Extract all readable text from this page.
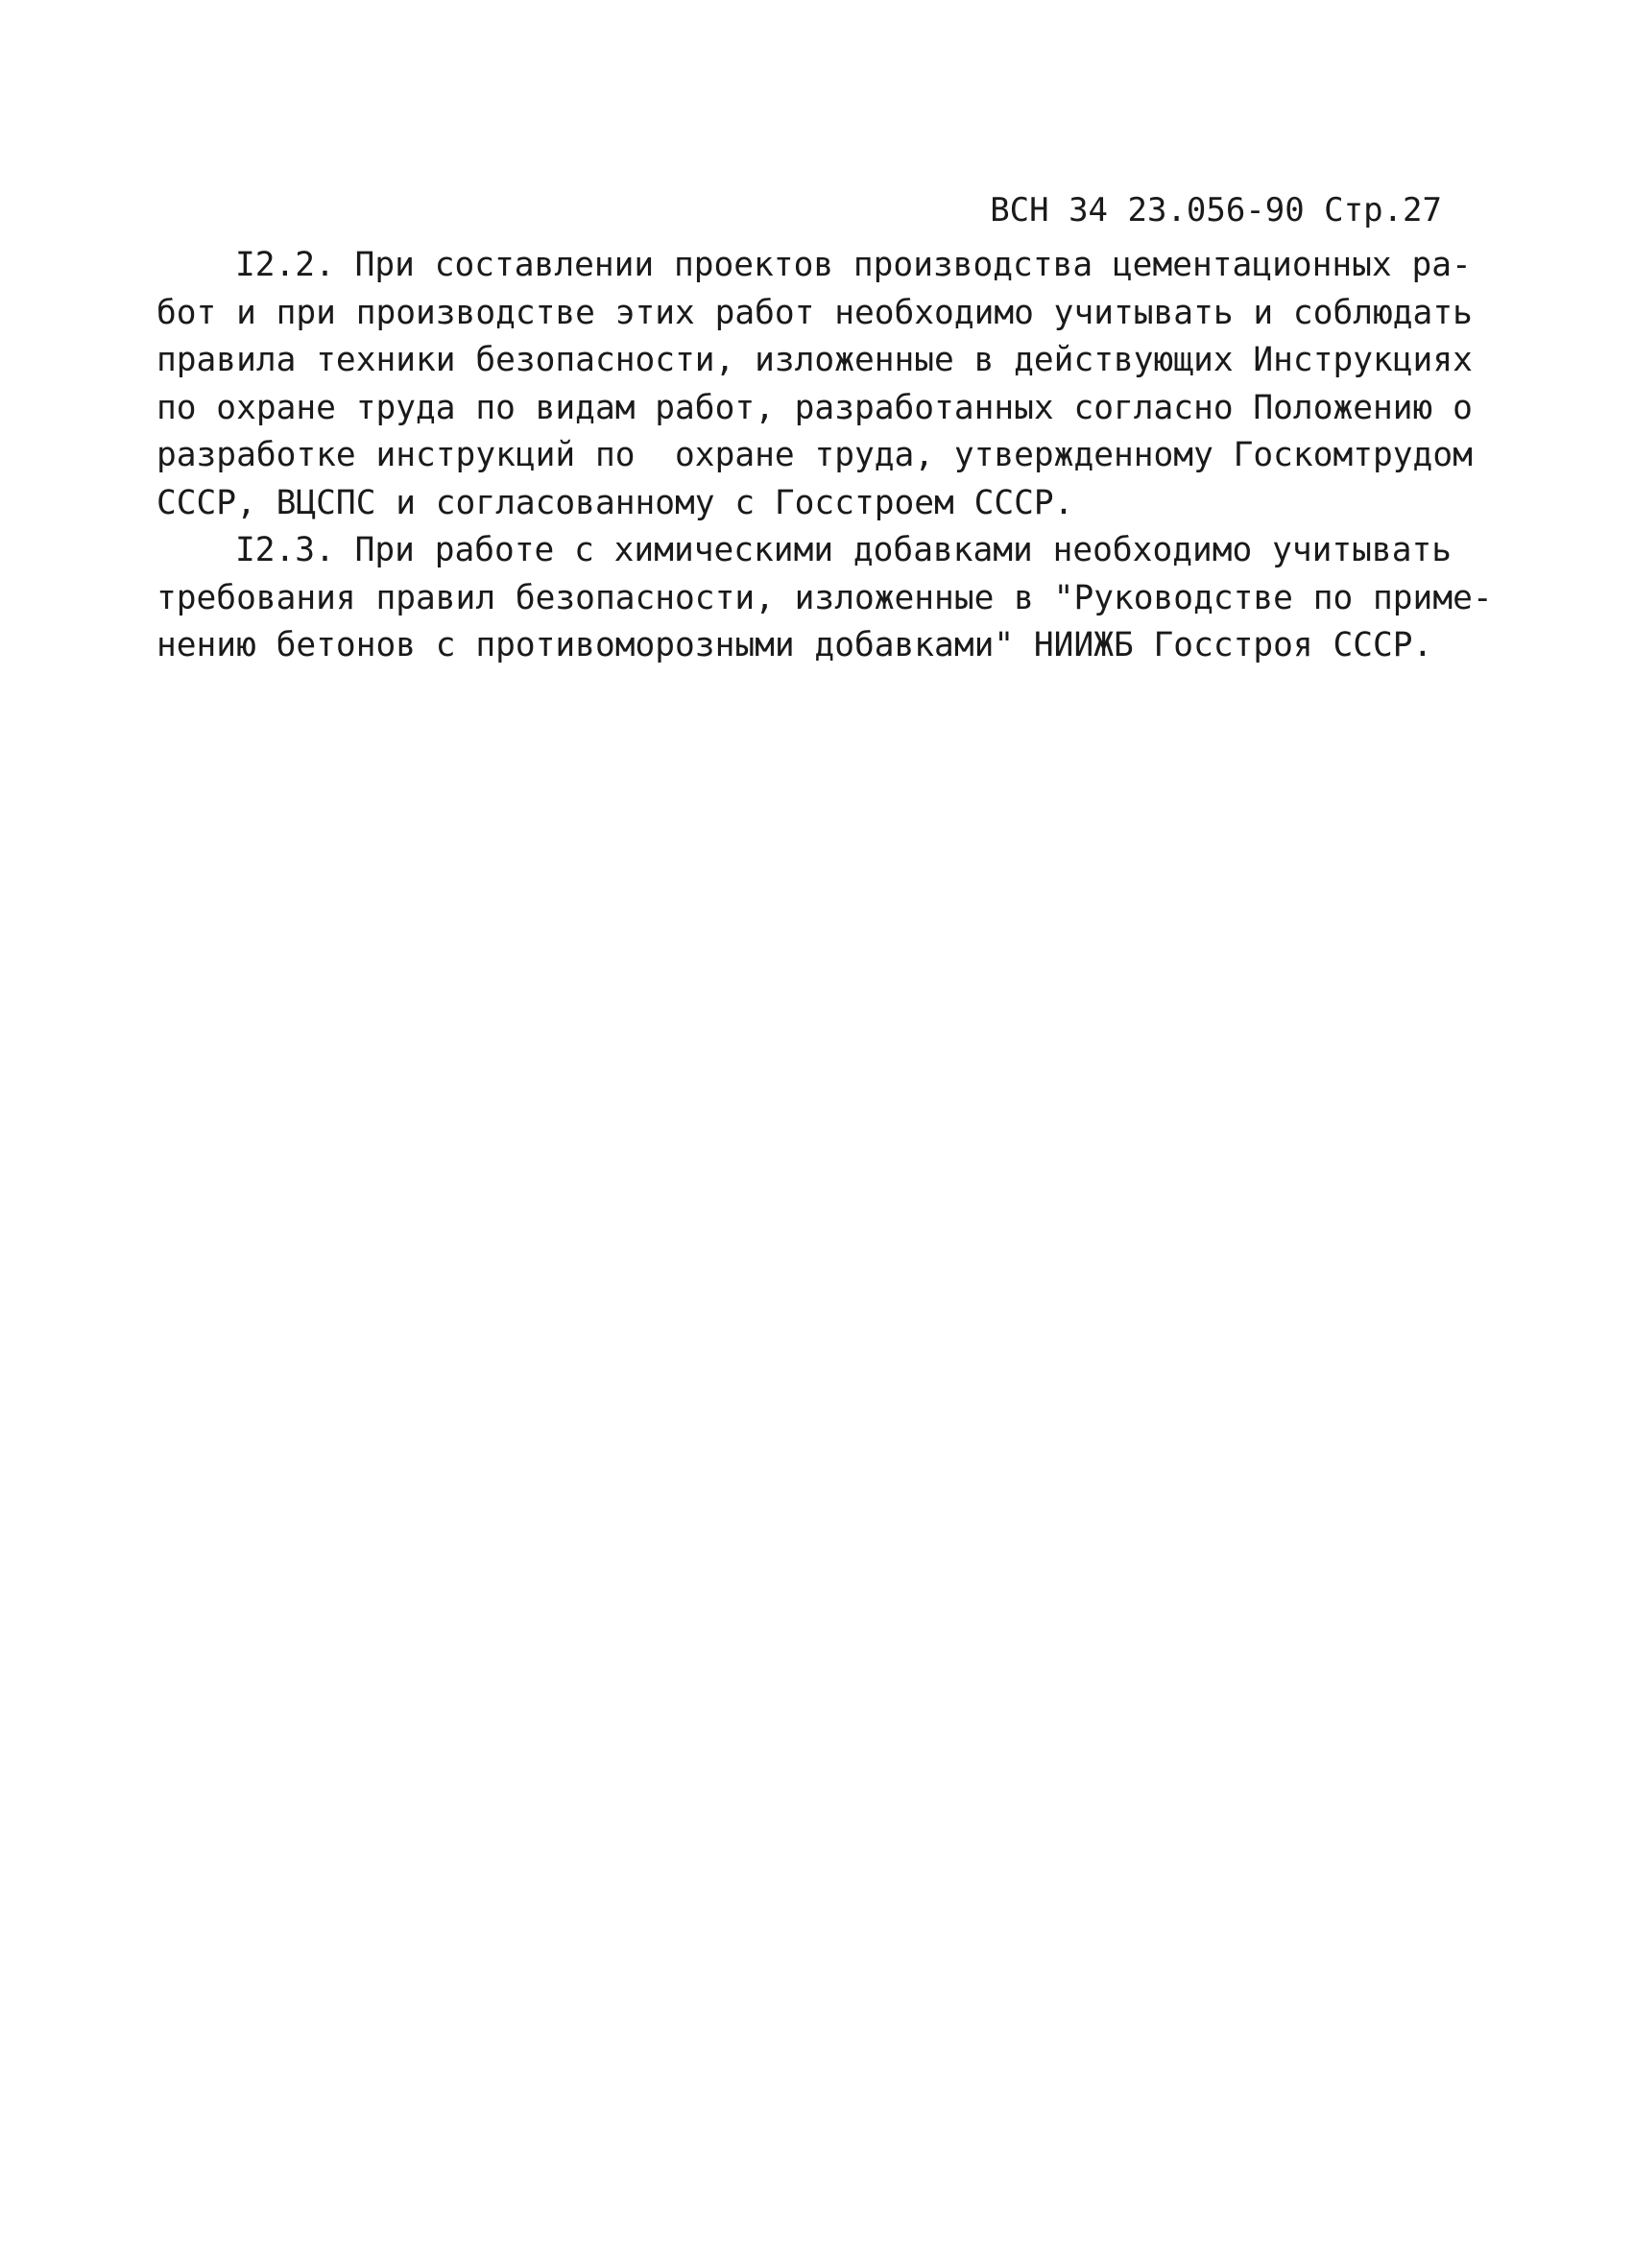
ВСН 34 23.056-90 Стр.27
I2.2. При составлении проектов производства цементационных ра-
бот и при производстве этих работ необходимо учитывать и соблюдать
правила техники безопасности, изложенные в действующих Инструкциях
по охране труда по видам работ, разработанных согласно Положению о
разработке инструкций по  охране труда, утвержденному Госкомтрудом
СССР, ВЦСПС и согласованному с Госстроем СССР.
I2.3. При работе с химическими добавками необходимо учитывать
требования правил безопасности, изложенные в "Руководстве по приме-
нению бетонов с противоморозными добавками" НИИЖБ Госстроя СССР.
